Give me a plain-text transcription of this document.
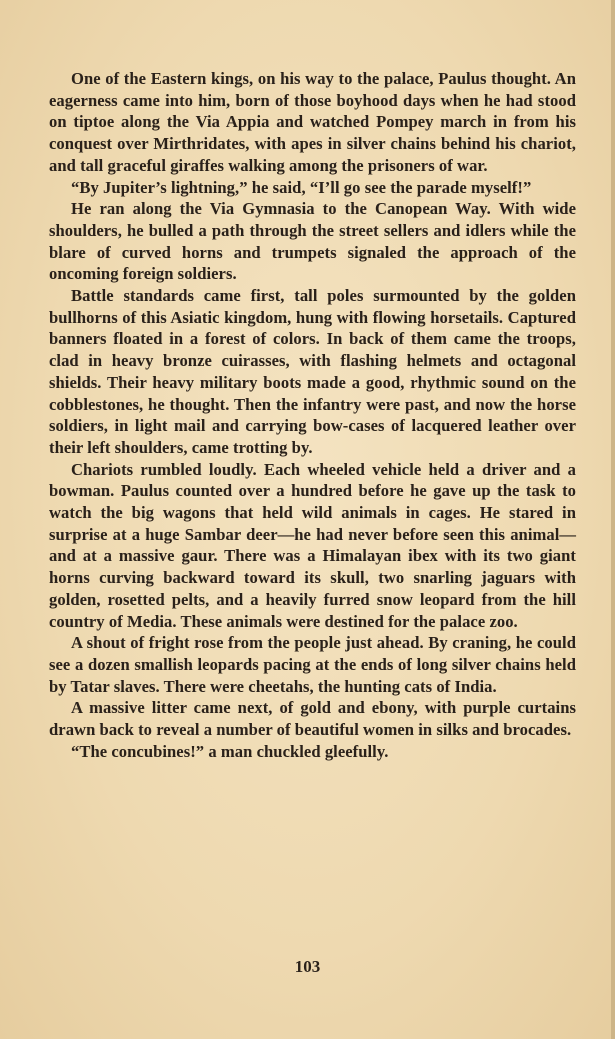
One of the Eastern kings, on his way to the palace, Paulus thought. An eagerness came into him, born of those boyhood days when he had stood on tiptoe along the Via Appia and watched Pompey march in from his conquest over Mirthridates, with apes in silver chains behind his chariot, and tall graceful giraffes walking among the prisoners of war.

“By Jupiter’s lightning,” he said, “I’ll go see the parade myself!”

He ran along the Via Gymnasia to the Canopean Way. With wide shoulders, he bulled a path through the street sellers and idlers while the blare of curved horns and trumpets signaled the approach of the oncoming foreign soldiers.

Battle standards came first, tall poles surmounted by the golden bullhorns of this Asiatic kingdom, hung with flowing horsetails. Captured banners floated in a forest of colors. In back of them came the troops, clad in heavy bronze cuirasses, with flashing helmets and octagonal shields. Their heavy military boots made a good, rhythmic sound on the cobblestones, he thought. Then the infantry were past, and now the horse soldiers, in light mail and carrying bow-cases of lacquered leather over their left shoulders, came trotting by.

Chariots rumbled loudly. Each wheeled vehicle held a driver and a bowman. Paulus counted over a hundred before he gave up the task to watch the big wagons that held wild animals in cages. He stared in surprise at a huge Sambar deer—he had never before seen this animal—and at a massive gaur. There was a Himalayan ibex with its two giant horns curving backward toward its skull, two snarling jaguars with golden, rosetted pelts, and a heavily furred snow leopard from the hill country of Media. These animals were destined for the palace zoo.

A shout of fright rose from the people just ahead. By craning, he could see a dozen smallish leopards pacing at the ends of long silver chains held by Tatar slaves. There were cheetahs, the hunting cats of India.

A massive litter came next, of gold and ebony, with purple curtains drawn back to reveal a number of beautiful women in silks and brocades.

“The concubines!” a man chuckled gleefully.

103
